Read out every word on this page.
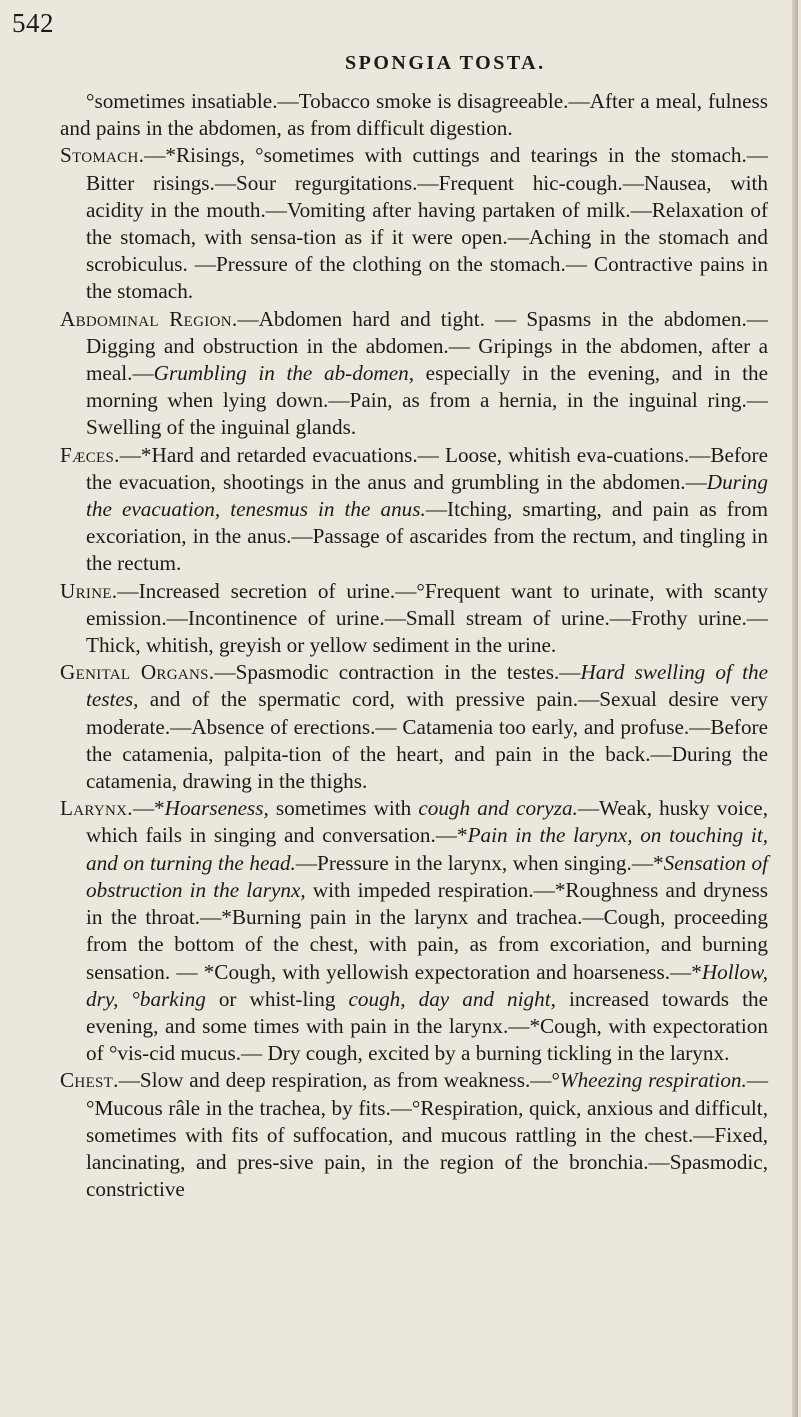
542
SPONGIA TOSTA.

°sometimes insatiable.—Tobacco smoke is disagreeable.—After a meal, fulness and pains in the abdomen, as from difficult digestion.

Stomach.—*Risings, °sometimes with cuttings and tearings in the stomach.—Bitter risings.—Sour regurgitations.—Frequent hic-cough.—Nausea, with acidity in the mouth.—Vomiting after having partaken of milk.—Relaxation of the stomach, with sensa-tion as if it were open.—Aching in the stomach and scrobiculus. —Pressure of the clothing on the stomach.— Contractive pains in the stomach.

Abdominal Region.—Abdomen hard and tight. — Spasms in the abdomen.—Digging and obstruction in the abdomen.— Gripings in the abdomen, after a meal.—Grumbling in the ab-domen, especially in the evening, and in the morning when lying down.—Pain, as from a hernia, in the inguinal ring.—Swelling of the inguinal glands.

Fæces.—*Hard and retarded evacuations.— Loose, whitish eva-cuations.—Before the evacuation, shootings in the anus and grumbling in the abdomen.—During the evacuation, tenesmus in the anus.—Itching, smarting, and pain as from excoriation, in the anus.—Passage of ascarides from the rectum, and tingling in the rectum.

Urine.—Increased secretion of urine.—°Frequent want to urinate, with scanty emission.—Incontinence of urine.—Small stream of urine.—Frothy urine.—Thick, whitish, greyish or yellow sediment in the urine.

Genital Organs.—Spasmodic contraction in the testes.—Hard swelling of the testes, and of the spermatic cord, with pressive pain.—Sexual desire very moderate.—Absence of erections.— Catamenia too early, and profuse.—Before the catamenia, palpita-tion of the heart, and pain in the back.—During the catamenia, drawing in the thighs.

Larynx.—*Hoarseness, sometimes with cough and coryza.—Weak, husky voice, which fails in singing and conversation.—*Pain in the larynx, on touching it, and on turning the head.—Pressure in the larynx, when singing.—*Sensation of obstruction in the larynx, with impeded respiration.—*Roughness and dryness in the throat.—*Burning pain in the larynx and trachea.—Cough, proceeding from the bottom of the chest, with pain, as from excoriation, and burning sensation. — *Cough, with yellowish expectoration and hoarseness.—*Hollow, dry, °barking or whist-ling cough, day and night, increased towards the evening, and some times with pain in the larynx.—*Cough, with expectoration of °vis-cid mucus.— Dry cough, excited by a burning tickling in the larynx.

Chest.—Slow and deep respiration, as from weakness.—°Wheezing respiration.—°Mucous râle in the trachea, by fits.—°Respiration, quick, anxious and difficult, sometimes with fits of suffocation, and mucous rattling in the chest.—Fixed, lancinating, and pres-sive pain, in the region of the bronchia.—Spasmodic, constrictive
